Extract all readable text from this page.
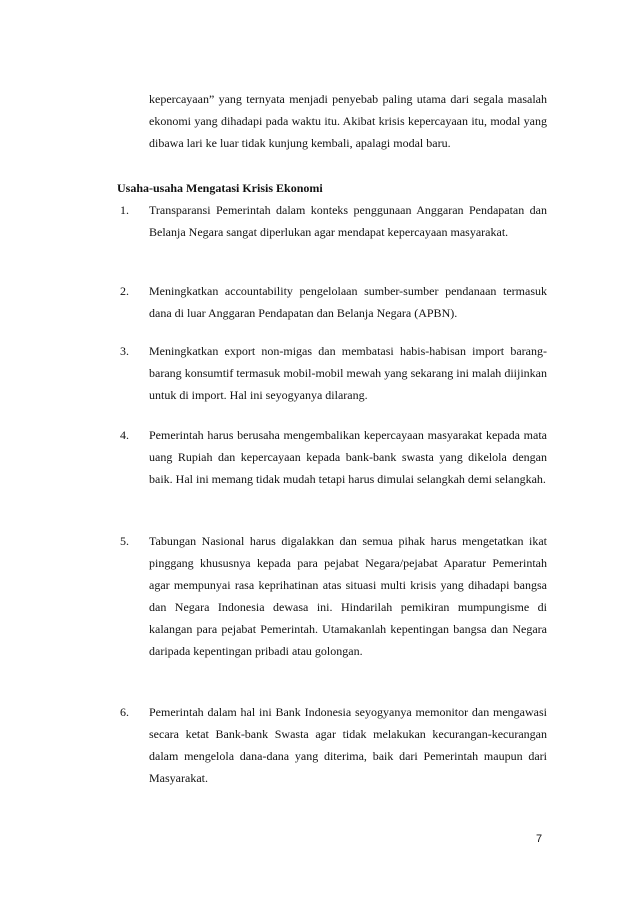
kepercayaan” yang ternyata menjadi penyebab paling utama dari segala masalah ekonomi yang dihadapi pada waktu itu. Akibat krisis kepercayaan itu, modal yang dibawa lari ke luar tidak kunjung kembali, apalagi modal baru.

Usaha-usaha Mengatasi Krisis Ekonomi

1. Transparansi Pemerintah dalam konteks penggunaan Anggaran Pendapatan dan Belanja Negara sangat diperlukan agar mendapat kepercayaan masyarakat.

2. Meningkatkan accountability pengelolaan sumber-sumber pendanaan termasuk dana di luar Anggaran Pendapatan dan Belanja Negara (APBN).

3. Meningkatkan export non-migas dan membatasi habis-habisan import barang-barang konsumtif termasuk mobil-mobil mewah yang sekarang ini malah diijinkan untuk di import. Hal ini seyogyanya dilarang.

4. Pemerintah harus berusaha mengembalikan kepercayaan masyarakat kepada mata uang Rupiah dan kepercayaan kepada bank-bank swasta yang dikelola dengan baik. Hal ini memang tidak mudah tetapi harus dimulai selangkah demi selangkah.

5. Tabungan Nasional harus digalakkan dan semua pihak harus mengetatkan ikat pinggang khususnya kepada para pejabat Negara/pejabat Aparatur Pemerintah agar mempunyai rasa keprihatinan atas situasi multi krisis yang dihadapi bangsa dan Negara Indonesia dewasa ini. Hindarilah pemikiran mumpungisme di kalangan para pejabat Pemerintah. Utamakanlah kepentingan bangsa dan Negara daripada kepentingan pribadi atau golongan.

6. Pemerintah dalam hal ini Bank Indonesia seyogyanya memonitor dan mengawasi secara ketat Bank-bank Swasta agar tidak melakukan kecurangan-kecurangan dalam mengelola dana-dana yang diterima, baik dari Pemerintah maupun dari Masyarakat.

7
